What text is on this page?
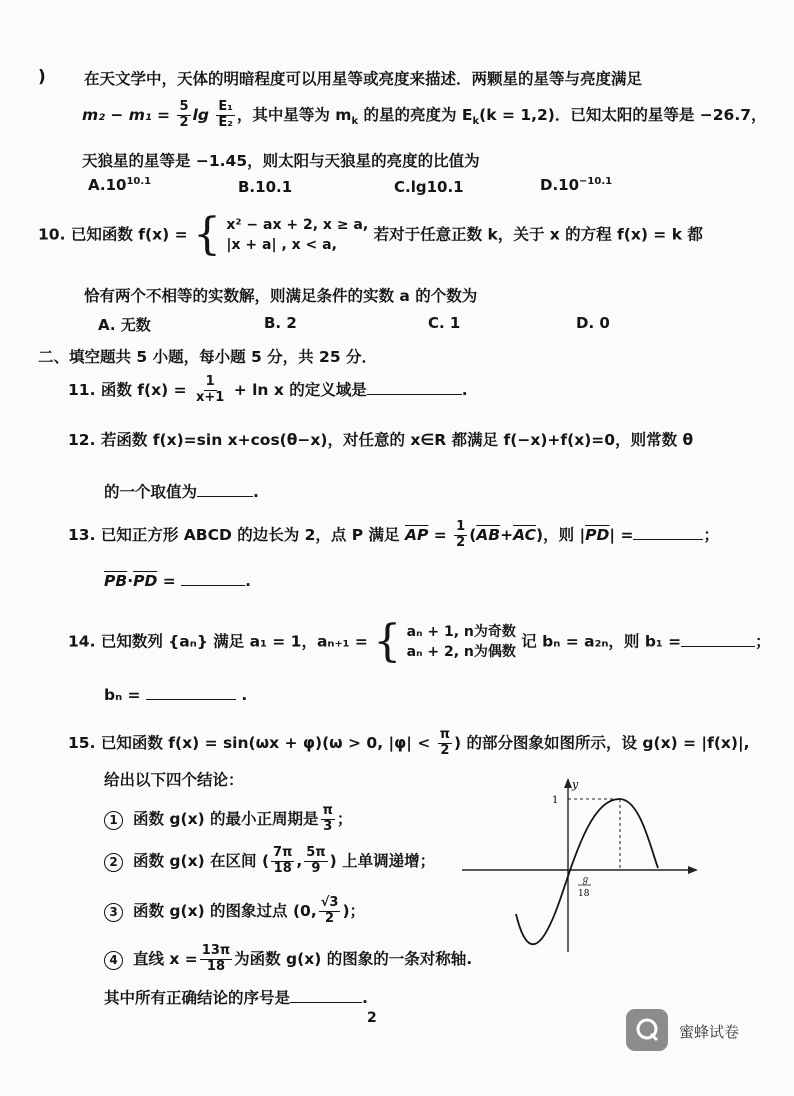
) 在天文学中，天体的明暗程度可以用星等或亮度来描述．两颗星的星等与亮度满足
$m_2 - m_1 = \frac{5}{2}$ $\lg \frac{\text{E₁}}{\text{E₂}}$ ，其中星等为 $m_k$ 的星的亮度为 $E_k(k = 1,2)$．已知太阳的星等是 −26.7，
天狼星的星等是 −1.45，则太阳与天狼星的亮度的比值为
$A.10^{10.1}$	B.10.1	C.lg10.1	$D.10^{-10.1}$
10. 已知函数 f(x) = { x² − ax + 2, x ≥ a,
|x + a| , x < a,
若对于任意正数 k，关于 x 的方程 f(x) = k 都
恰有两个不相等的实数解，则满足条件的实数 a 的个数为
A. 无数	B. 2	C. 1	D. 0
二、填空题共 5 小题，每小题 5 分，共 25 分．
11. 函数 $f(x) = \frac{1}{x+1} + \ln x$ 的定义域是	.
12. 若函数 f(x)=sin x+cos(θ−x)，对任意的 x∈R 都满足 f(−x)+f(x)=0，则常数 θ
的一个取值为	.
13. 已知正方形 ABCD 的边长为 2，点 P 满足 $\overline{AP} = \frac{1}{2} (\overline{AB}+\overline{AC})$，则 $|\overline{PD}|$ =	；
$\overline{PB}\cdot\overline{PD}$ =	.
14. 已知数列 {aₙ} 满足 a₁ = 1，aₙ₊₁ = { aₙ + 1, n为奇数
aₙ + 2, n为偶数
记 bₙ = a₂ₙ，则 b₁ =	；
bₙ =	.
15. 已知函数 f(x) = sin(ωx + φ)(ω > 0, $|\varphi| < \frac{\pi}{2}$ ) 的部分图象如图所示，设 g(x) = |f(x)|,
给出以下四个结论：
1 函数 g(x) 的最小正周期是 $\frac{\pi}{3}$ ；
2 函数 g(x) 在区间 ( $\frac{7\pi}{18}$ , $\frac{5\pi}{9}$ ) 上单调递增；
3 函数 g(x) 的图象过点 (0, $\frac{√3}{2}$ )；
4 直线 $x = \frac{13\pi}{18}$ 为函数 g(x) 的图象的一条对称轴.
其中所有正确结论的序号是	.
y
1
ℊ
18
2
蜜蜂试卷
